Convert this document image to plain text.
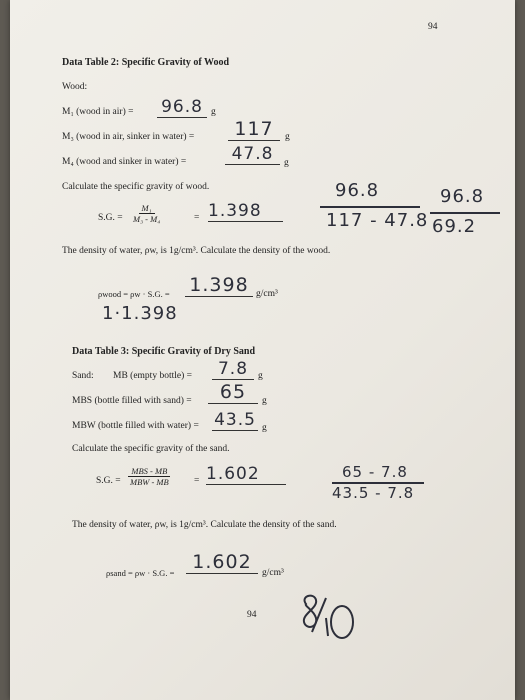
94
Data Table 2: Specific Gravity of Wood
Wood:
M₁ (wood in air) = 96.8 g
M₃ (wood in air, sinker in water) =	117	g
M₄ (wood and sinker in water) =	47.8	g
Calculate the specific gravity of wood.
S.G. = $\frac{\text{M₁}}{\text{M₃ - M₄}}$	= 1.398
96.8
117 - 47.8
96.8
69.2
The density of water, ρw, is 1g/cm³. Calculate the density of the wood.
ρwood = ρw · S.G. = 1.398 g/cm³
1·1.398
Data Table 3: Specific Gravity of Dry Sand
Sand: MB (empty bottle) =	7.8	g
MBS (bottle filled with sand) =	65	g
MBW (bottle filled with water) = 43.5 g
Calculate the specific gravity of the sand.
S.G. =
MBS - MB
MBW - MB	= 1.602	65 - 7.8
43.5 - 7.8
The density of water, ρw, is 1g/cm³. Calculate the density of the sand.
ρsand = ρw · S.G. = 1.602	g/cm³
94
